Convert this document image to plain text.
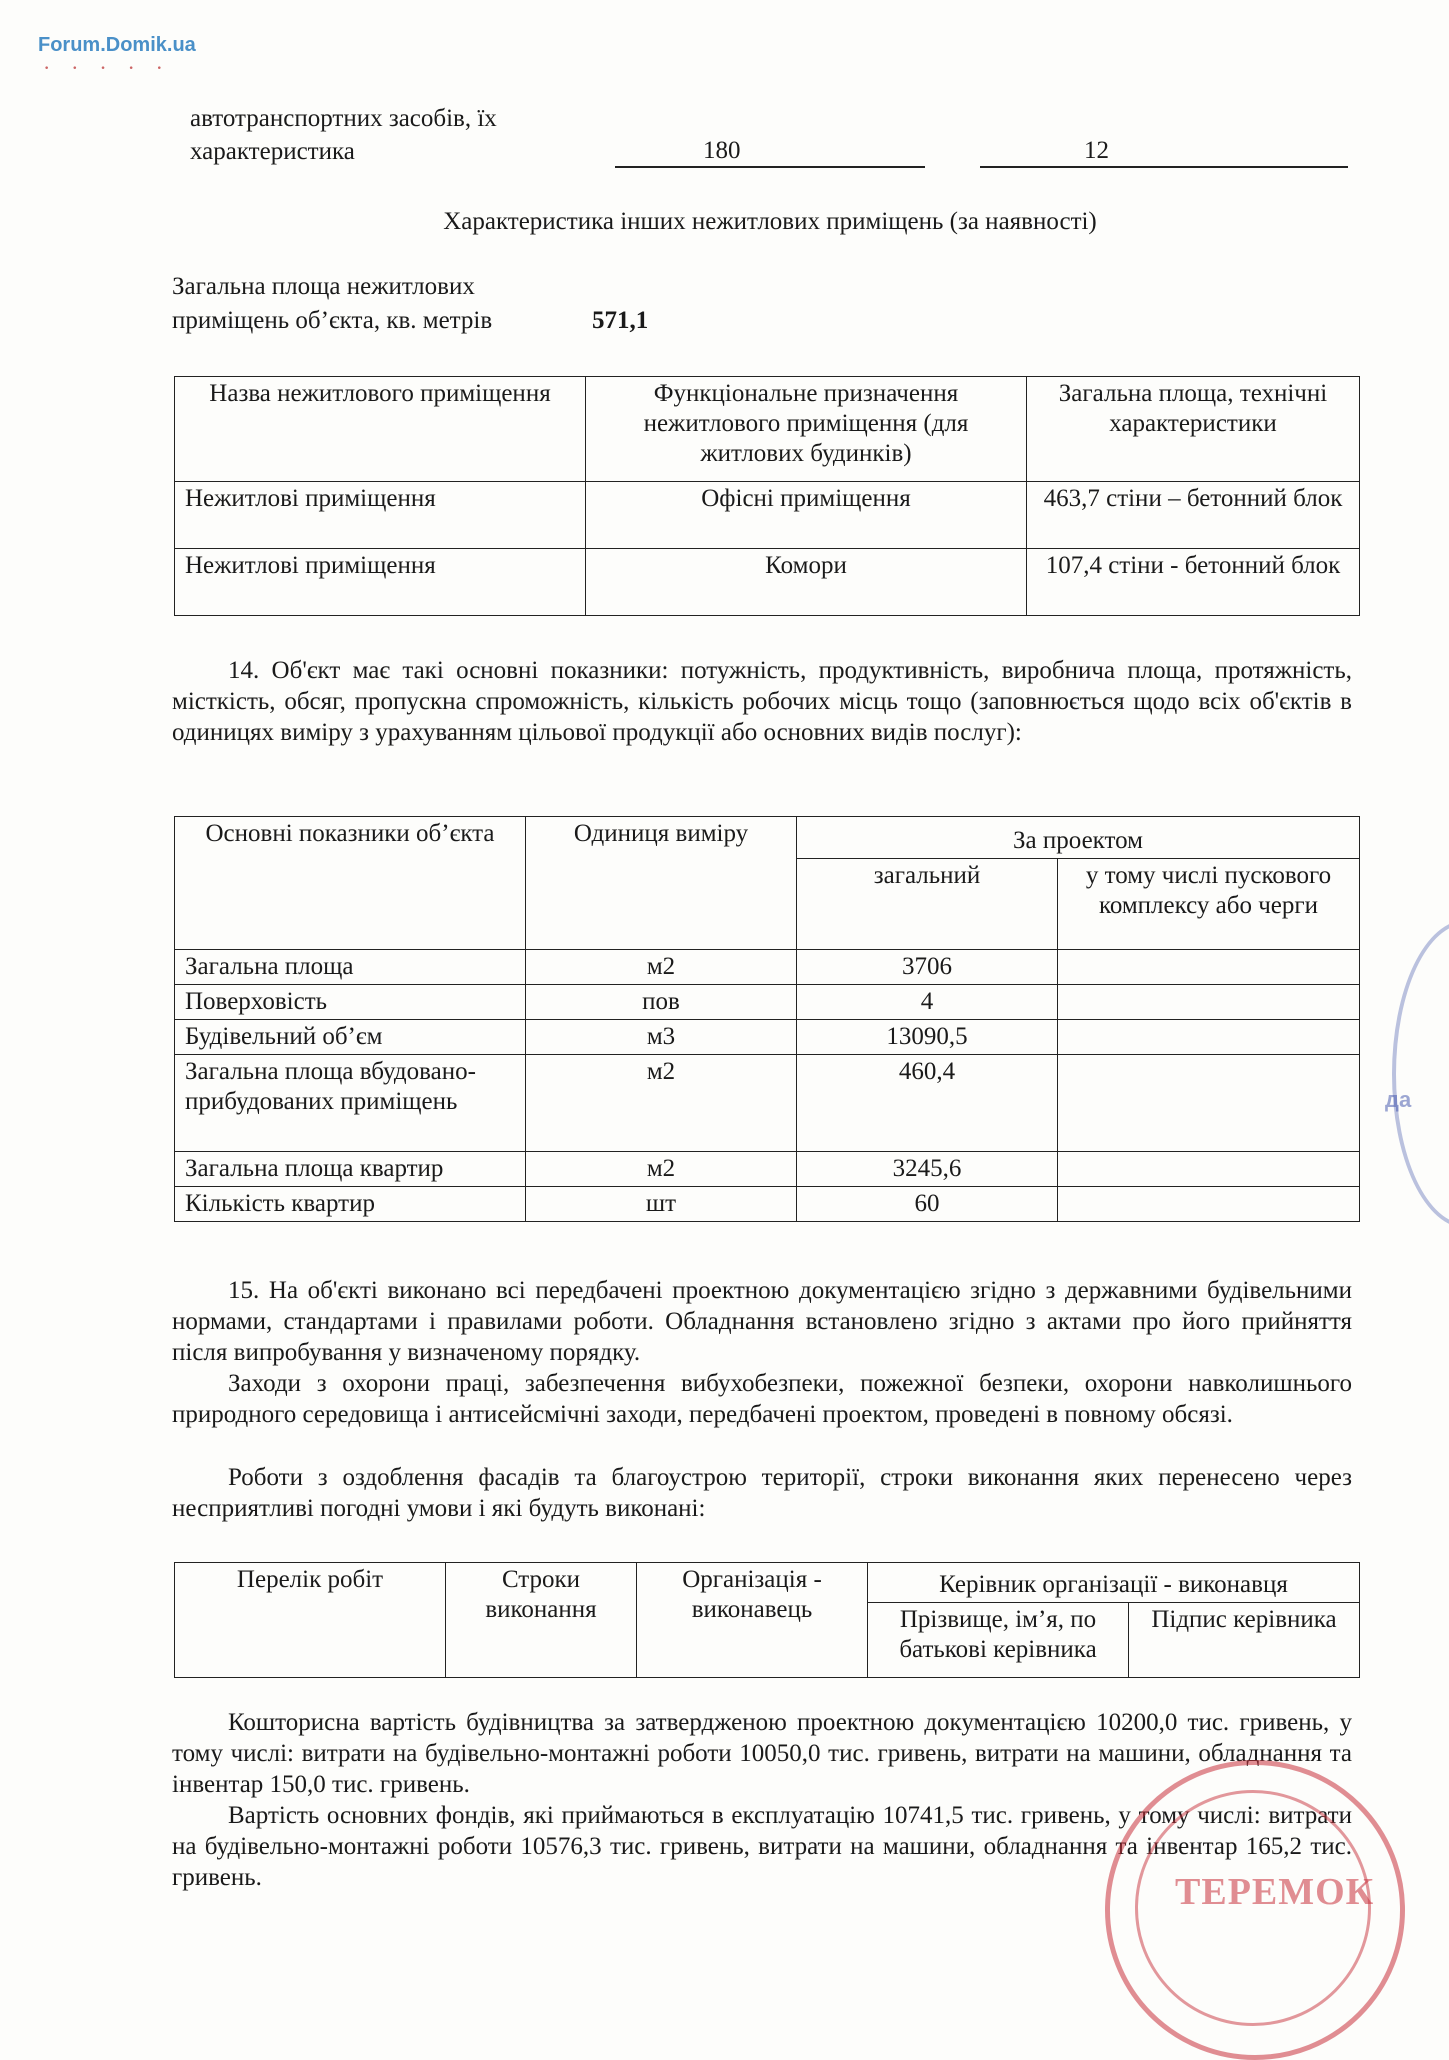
Forum.Domik.ua
• • • • •
автотранспортних засобів, їх
характеристика	180	12
Характеристика інших нежитлових приміщень (за наявності)
Загальна площа нежитлових
приміщень об’єкта, кв. метрів	571,1
Назва нежитлового приміщення	Функціональне призначення нежитлового приміщення (для житлових будинків)	Загальна площа, технічні характеристики
Нежитлові приміщення	Офісні приміщення	463,7 стіни – бетонний блок
Нежитлові приміщення	Комори	107,4 стіни - бетонний блок
14. Об'єкт має такі основні показники: потужність, продуктивність, виробнича площа, протяжність, місткість, обсяг, пропускна спроможність, кількість робочих місць тощо (заповнюється щодо всіх об'єктів в одиницях виміру з урахуванням цільової продукції або основних видів послуг):
Основні показники об’єкта	Одиниця виміру	За проектом	
		загальний	у тому числі пускового комплексу або черги
Загальна площа	м2	3706	
Поверховість	пов	4	
Будівельний об’єм	м3	13090,5	
Загальна площа вбудовано-прибудованих приміщень	м2	460,4	
Загальна площа квартир	м2	3245,6	
Кількість квартир	шт	60	
15. На об'єкті виконано всі передбачені проектною документацією згідно з державними будівельними нормами, стандартами і правилами роботи. Обладнання встановлено згідно з актами про його прийняття після випробування у визначеному порядку.
Заходи з охорони праці, забезпечення вибухобезпеки, пожежної безпеки, охорони навколишнього природного середовища і антисейсмічні заходи, передбачені проектом, проведені в повному обсязі.
Роботи з оздоблення фасадів та благоустрою території, строки виконання яких перенесено через несприятливі погодні умови і які будуть виконані:
Перелік робіт	Строки виконання	Організація - виконавець	Керівник організації - виконавця	
			Прізвище, ім’я, по батькові керівника	Підпис керівника
Кошторисна вартість будівництва за затвердженою проектною документацією 10200,0 тис. гривень, у тому числі: витрати на будівельно-монтажні роботи 10050,0 тис. гривень, витрати на машини, обладнання та інвентар 150,0 тис. гривень.
Вартість основних фондів, які приймаються в експлуатацію 10741,5 тис. гривень, у тому числі: витрати на будівельно-монтажні роботи 10576,3 тис. гривень, витрати на машини, обладнання та інвентар 165,2 тис. гривень.
да
ТЕРЕМОК
